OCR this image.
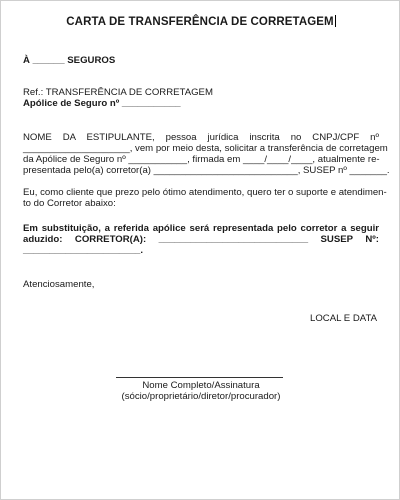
CARTA DE TRANSFERÊNCIA DE CORRETAGEM
À ______ SEGUROS
Ref.: TRANSFERÊNCIA DE CORRETAGEM
Apólice de Seguro nº ___________
NOME DA ESTIPULANTE, pessoa jurídica inscrita no CNPJ/CPF nº
____________________, vem por meio desta, solicitar a transferência de corretagem
da Apólice de Seguro nº ___________, firmada em ____/____/____, atualmente re-
presentada pelo(a) corretor(a) ___________________________, SUSEP nº _______.
Eu, como cliente que prezo pelo ótimo atendimento, quero ter o suporte e atendimen-
to do Corretor abaixo:
Em substituição, a referida apólice será representada pelo corretor a seguir
aduzido: CORRETOR(A): ____________________________ SUSEP Nº:
______________________.
Atenciosamente,
LOCAL E DATA
Nome Completo/Assinatura
(sócio/proprietário/diretor/procurador)
